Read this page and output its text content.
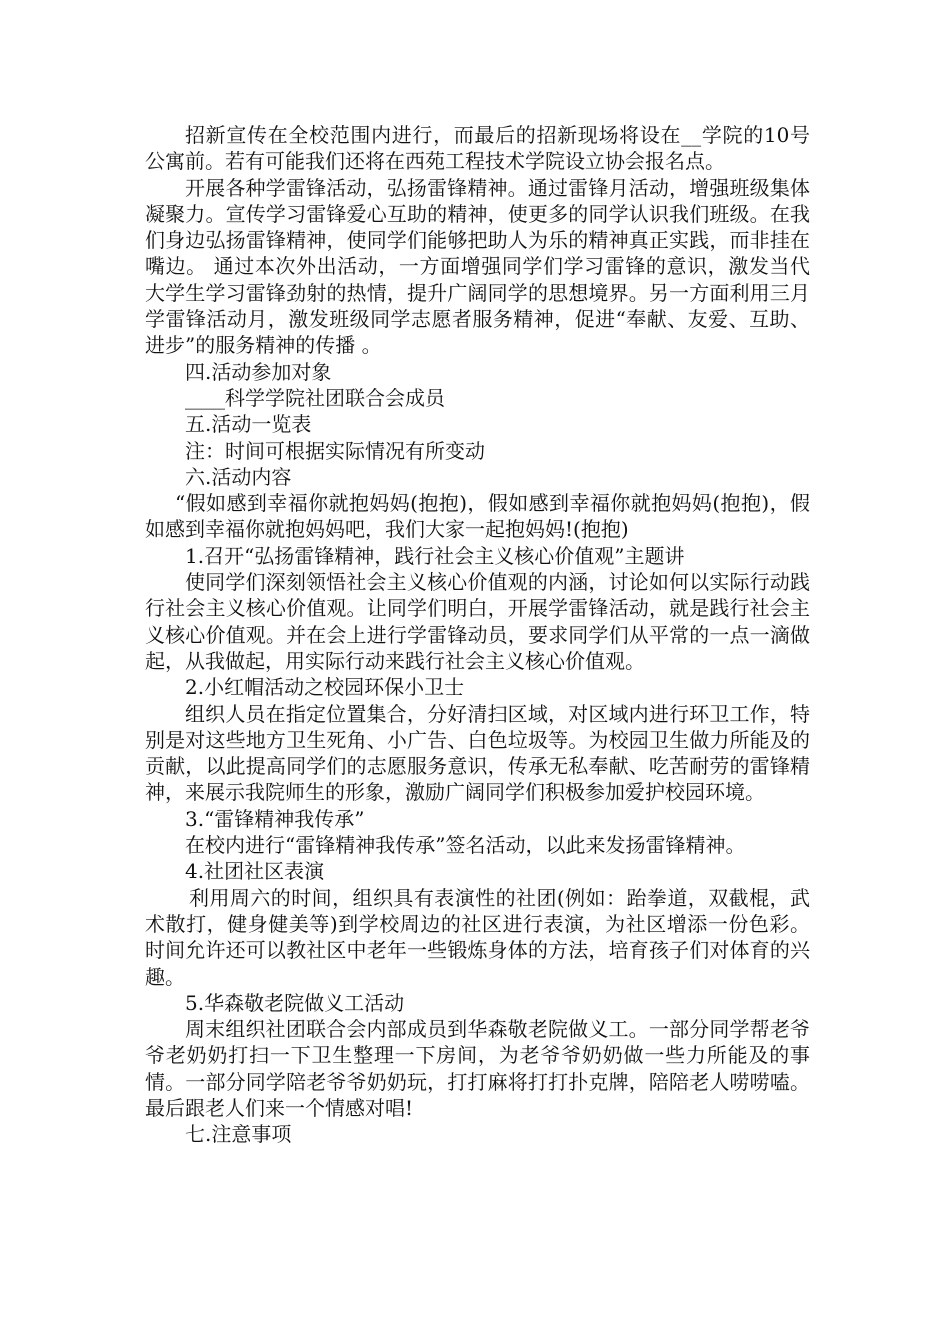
招新宣传在全校范围内进行，而最后的招新现场将设在__学院的10号公寓前。若有可能我们还将在西苑工程技术学院设立协会报名点。

开展各种学雷锋活动，弘扬雷锋精神。通过雷锋月活动，增强班级集体凝聚力。宣传学习雷锋爱心互助的精神，使更多的同学认识我们班级。在我们身边弘扬雷锋精神，使同学们能够把助人为乐的精神真正实践，而非挂在嘴边。 通过本次外出活动，一方面增强同学们学习雷锋的意识，激发当代大学生学习雷锋劲射的热情，提升广阔同学的思想境界。另一方面利用三月学雷锋活动月，激发班级同学志愿者服务精神，促进“奉献、友爱、互助、进步”的服务精神的传播 。

四.活动参加对象

____科学学院社团联合会成员

五.活动一览表

注：时间可根据实际情况有所变动

六.活动内容

“假如感到幸福你就抱妈妈(抱抱)，假如感到幸福你就抱妈妈(抱抱)，假如感到幸福你就抱妈妈吧，我们大家一起抱妈妈!(抱抱)

1.召开“弘扬雷锋精神，践行社会主义核心价值观”主题讲

使同学们深刻领悟社会主义核心价值观的内涵，讨论如何以实际行动践行社会主义核心价值观。让同学们明白，开展学雷锋活动，就是践行社会主义核心价值观。并在会上进行学雷锋动员，要求同学们从平常的一点一滴做起，从我做起，用实际行动来践行社会主义核心价值观。

2.小红帽活动之校园环保小卫士

组织人员在指定位置集合，分好清扫区域，对区域内进行环卫工作，特别是对这些地方卫生死角、小广告、白色垃圾等。为校园卫生做力所能及的贡献，以此提高同学们的志愿服务意识，传承无私奉献、吃苦耐劳的雷锋精神，来展示我院师生的形象，激励广阔同学们积极参加爱护校园环境。

3.“雷锋精神我传承”

在校内进行“雷锋精神我传承”签名活动，以此来发扬雷锋精神。

4.社团社区表演

利用周六的时间，组织具有表演性的社团(例如：跆拳道，双截棍，武术散打，健身健美等)到学校周边的社区进行表演，为社区增添一份色彩。时间允许还可以教社区中老年一些锻炼身体的方法，培育孩子们对体育的兴趣。

5.华森敬老院做义工活动

周末组织社团联合会内部成员到华森敬老院做义工。一部分同学帮老爷爷老奶奶打扫一下卫生整理一下房间，为老爷爷奶奶做一些力所能及的事情。一部分同学陪老爷爷奶奶玩，打打麻将打打扑克牌，陪陪老人唠唠嗑。最后跟老人们来一个情感对唱!

七.注意事项
